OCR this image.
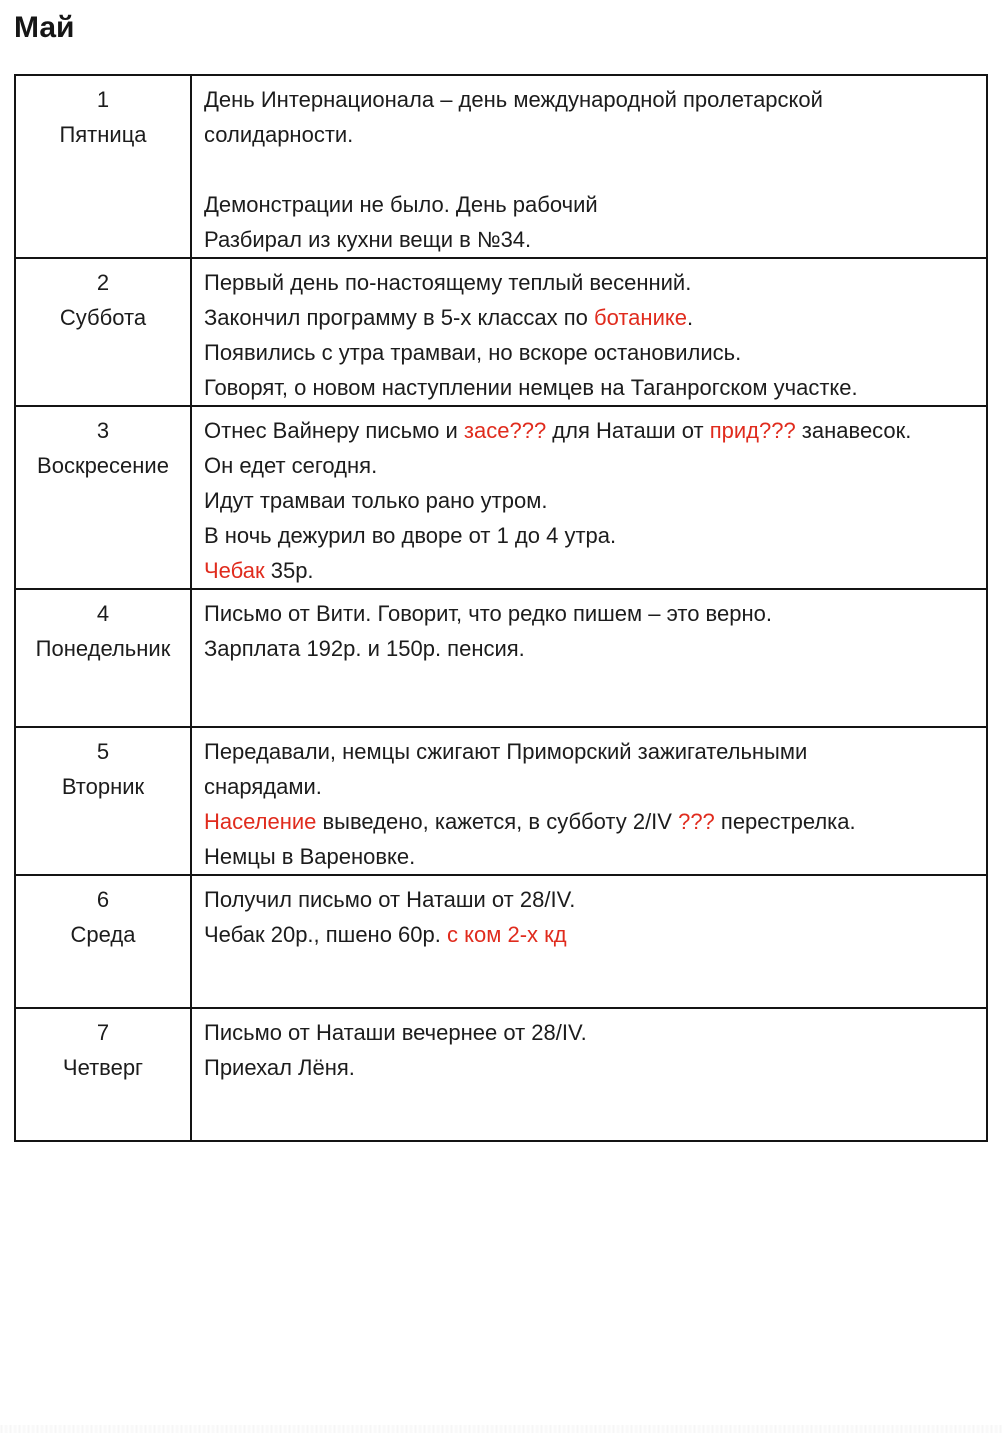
Май
1
Пятница
День Интернационала – день международной пролетарской
солидарности.

Демонстрации не было. День рабочий
Разбирал из кухни вещи в №34.
2
Суббота
Первый день по-настоящему теплый весенний.
Закончил программу в 5-х классах по ботанике.
Появились с утра трамваи, но вскоре остановились.
Говорят, о новом наступлении немцев на Таганрогском участке.
3
Воскресение
Отнес Вайнеру письмо и засе??? для Наташи от прид??? занавесок.
Он едет сегодня.
Идут трамваи только рано утром.
В ночь дежурил во дворе от 1 до 4 утра.
Чебак 35р.
4
Понедельник
Письмо от Вити. Говорит, что редко пишем – это верно.
Зарплата 192р. и 150р. пенсия.
5
Вторник
Передавали, немцы сжигают Приморский зажигательными
снарядами.
Население выведено, кажется, в субботу 2/IV ??? перестрелка.
Немцы в Вареновке.
6
Среда
Получил письмо от Наташи от 28/IV.
Чебак 20р., пшено 60р. с ком 2-х кд
7
Четверг
Письмо от Наташи вечернее от 28/IV.
Приехал Лёня.
